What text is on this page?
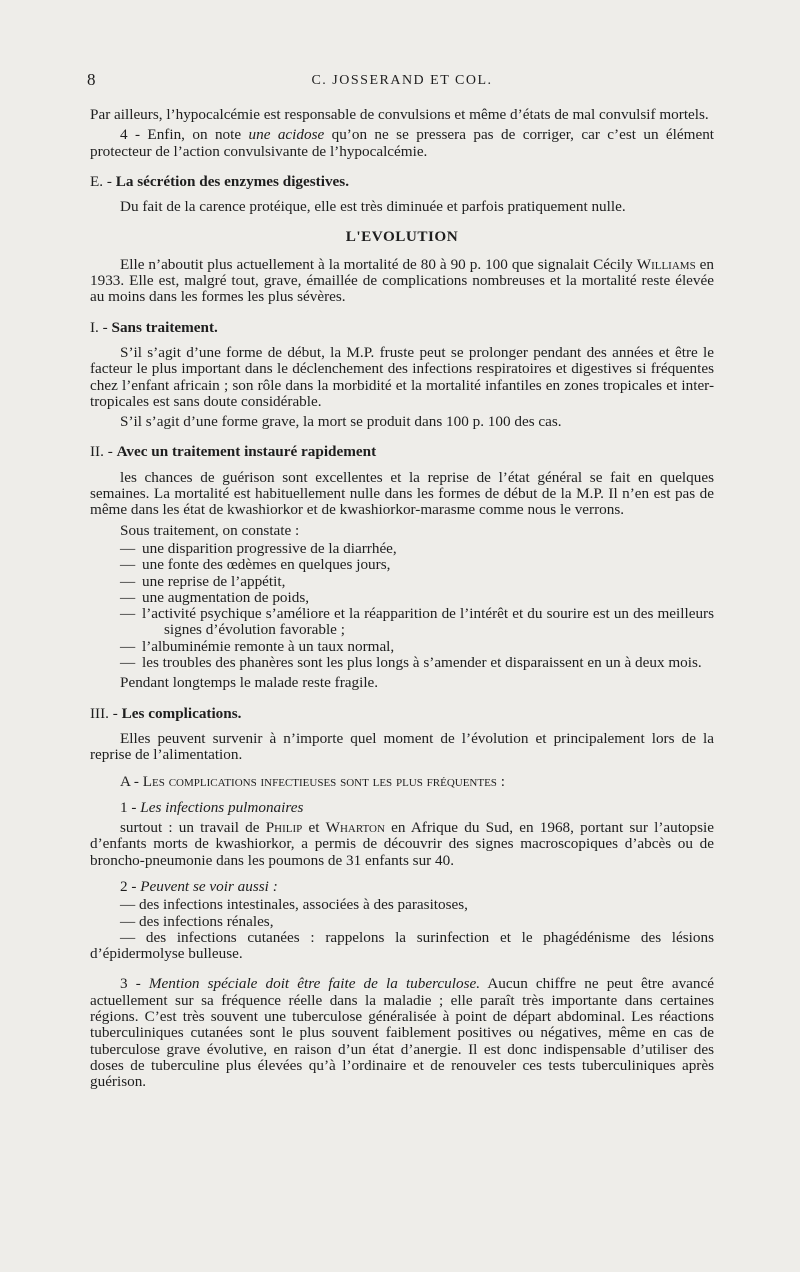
8	C. JOSSERAND ET COL.

Par ailleurs, l’hypocalcémie est responsable de convulsions et même d’états de mal convulsif mortels.

4 - Enfin, on note une acidose qu’on ne se pressera pas de corriger, car c’est un élément protecteur de l’action convulsivante de l’hypocalcémie.

E. - La sécrétion des enzymes digestives.

Du fait de la carence protéique, elle est très diminuée et parfois pratiquement nulle.

L'EVOLUTION

Elle n’aboutit plus actuellement à la mortalité de 80 à 90 p. 100 que signalait Cécily Williams en 1933. Elle est, malgré tout, grave, émaillée de complications nombreuses et la mortalité reste élevée au moins dans les formes les plus sévères.

I. - Sans traitement.

S’il s’agit d’une forme de début, la M.P. fruste peut se prolonger pendant des années et être le facteur le plus important dans le déclenchement des infections respiratoires et digestives si fréquentes chez l’enfant africain ; son rôle dans la morbidité et la mortalité infantiles en zones tropicales et inter-tropicales est sans doute considérable.

S’il s’agit d’une forme grave, la mort se produit dans 100 p. 100 des cas.

II. - Avec un traitement instauré rapidement

les chances de guérison sont excellentes et la reprise de l’état général se fait en quelques semaines. La mortalité est habituellement nulle dans les formes de début de la M.P. Il n’en est pas de même dans les état de kwashiorkor et de kwashiorkor-marasme comme nous le verrons.

Sous traitement, on constate :

— une disparition progressive de la diarrhée,
— une fonte des œdèmes en quelques jours,
— une reprise de l’appétit,
— une augmentation de poids,
— l’activité psychique s’améliore et la réapparition de l’intérêt et du sourire est un des meilleurs signes d’évolution favorable ;
— l’albuminémie remonte à un taux normal,
— les troubles des phanères sont les plus longs à s’amender et disparaissent en un à deux mois.

Pendant longtemps le malade reste fragile.

III. - Les complications.

Elles peuvent survenir à n’importe quel moment de l’évolution et principalement lors de la reprise de l’alimentation.

A - Les complications infectieuses sont les plus fréquentes :

1 - Les infections pulmonaires

surtout : un travail de Philip et Wharton en Afrique du Sud, en 1968, portant sur l’autopsie d’enfants morts de kwashiorkor, a permis de découvrir des signes macroscopiques d’abcès ou de broncho-pneumonie dans les poumons de 31 enfants sur 40.

2 - Peuvent se voir aussi :

— des infections intestinales, associées à des parasitoses,
— des infections rénales,
— des infections cutanées : rappelons la surinfection et le phagédénisme des lésions d’épidermolyse bulleuse.

3 - Mention spéciale doit être faite de la tuberculose. Aucun chiffre ne peut être avancé actuellement sur sa fréquence réelle dans la maladie ; elle paraît très importante dans certaines régions. C’est très souvent une tuberculose généralisée à point de départ abdominal. Les réactions tuberculiniques cutanées sont le plus souvent faiblement positives ou négatives, même en cas de tuberculose grave évolutive, en raison d’un état d’anergie. Il est donc indispensable d’utiliser des doses de tuberculine plus élevées qu’à l’ordinaire et de renouveler ces tests tuberculiniques après guérison.
